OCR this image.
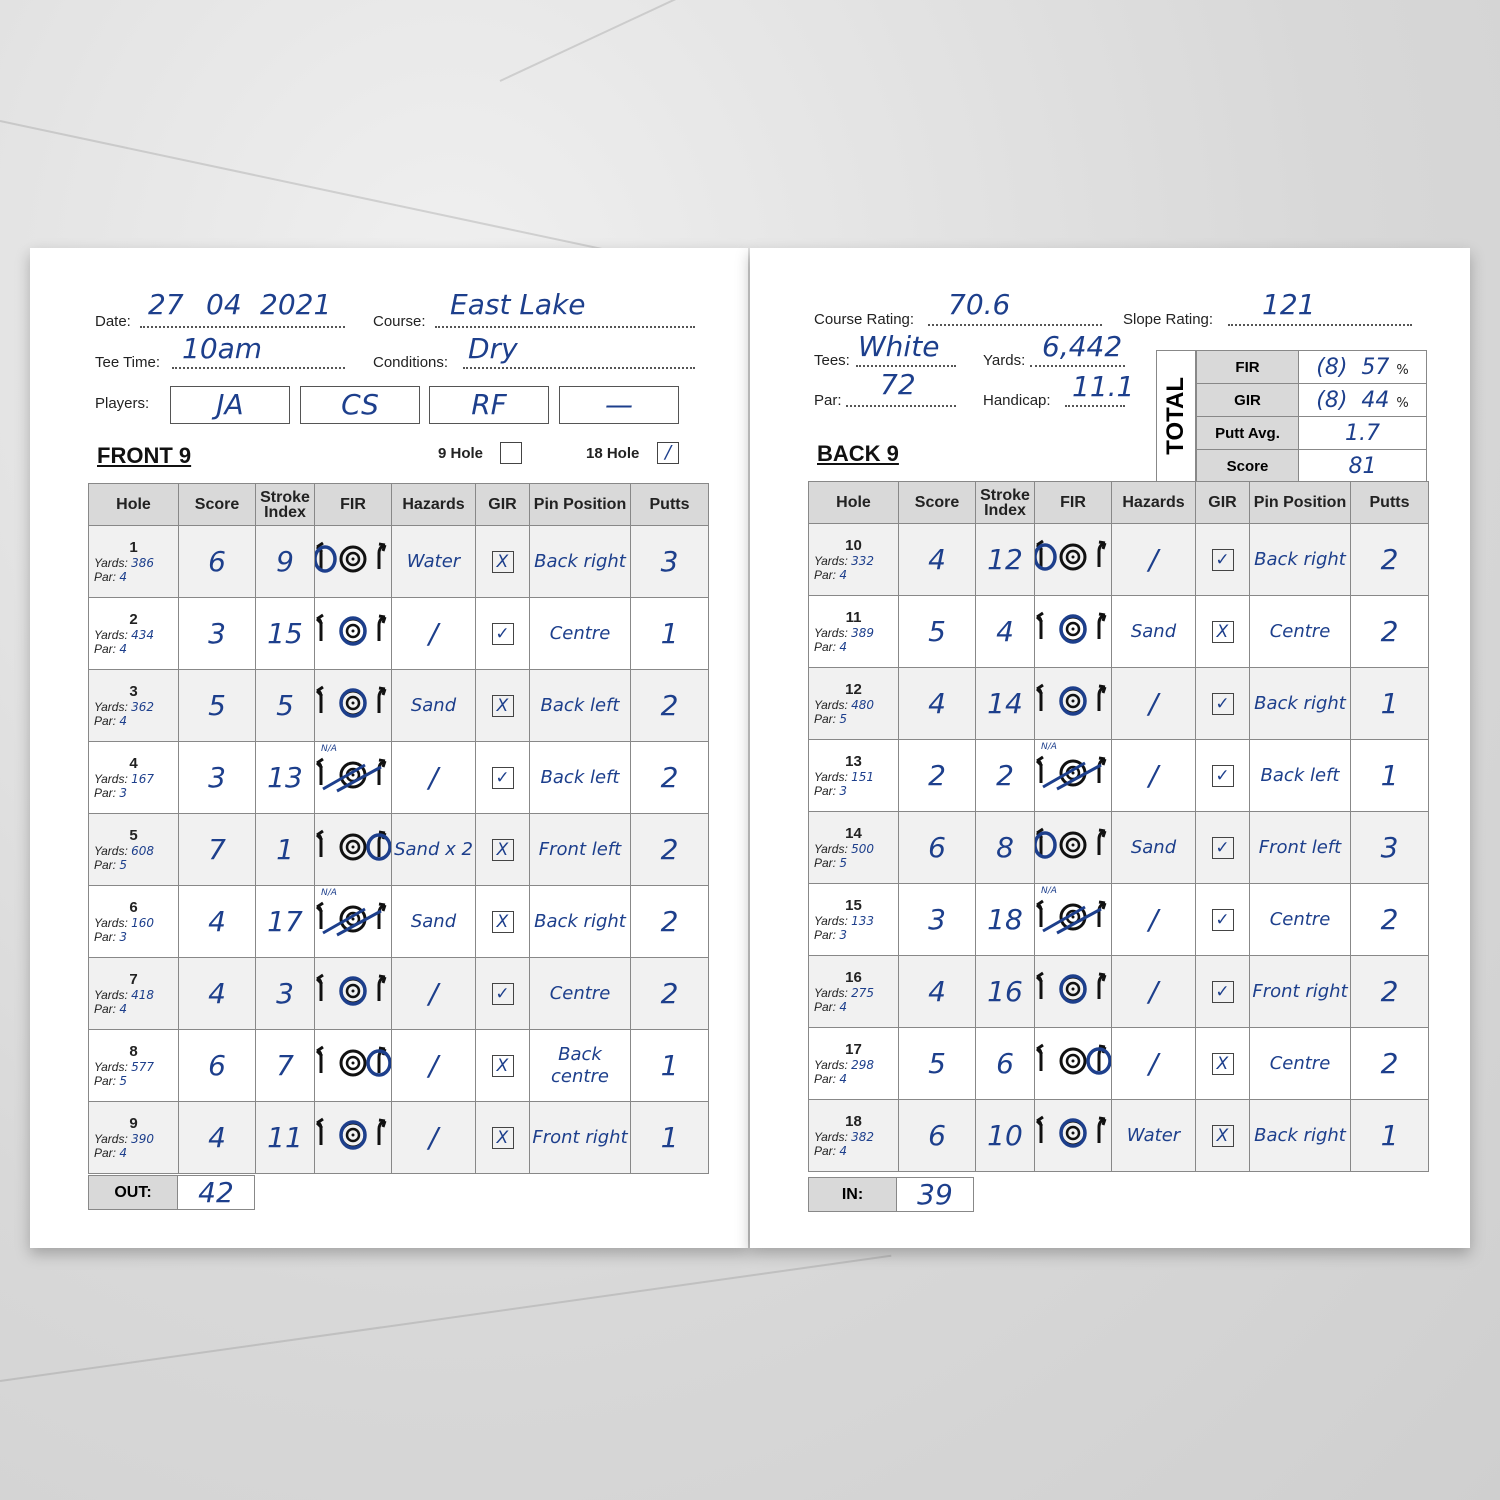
Date:
27 04 2021
Course:
East Lake
Tee Time: 10am	Conditions: Dry
Players:	JA	CS	RF	—
FRONT 9	9 Hole	18 Hole	/
Hole	Score	Stroke Index	FIR	Hazards	GIR	Pin Position	Putts

1
Yards: 386
Par: 4	6	9		Water	X	Back right	3

2
Yards: 434
Par: 4	3	15		/	✓	Centre	1

3
Yards: 362
Par: 4	5	5		Sand	X	Back left	2

4
Yards: 167
Par: 3	3	13	N/A	/	✓	Back left	2

5
Yards: 608
Par: 5	7	1		Sand x 2	X	Front left	2

6
Yards: 160
Par: 3	4	17	N/A	Sand	X	Back right	2

7
Yards: 418
Par: 4	4	3		/	✓	Centre	2

8
Yards: 577
Par: 5	6	7		/	X	Back centre	1

9
Yards: 390
Par: 4	4	11		/	X	Front right	1
OUT:	42
Course Rating: 70.6	Slope Rating: 121
Tees: White	Yards: 6,442
Par: 72	Handicap: 11.1 TOTAL
FIR	(8) 57 %
GIR	(8) 44 %
Putt Avg.	1.7
Score	81
BACK 9
Hole	Score	Stroke Index	FIR	Hazards	GIR	Pin Position	Putts

10
Yards: 332
Par: 4	4	12		/	✓	Back right	2

11
Yards: 389
Par: 4	5	4		Sand	X	Centre	2

12
Yards: 480
Par: 5	4	14		/	✓	Back right	1

13
Yards: 151
Par: 3	2	2	N/A	/	✓	Back left	1

14
Yards: 500
Par: 5	6	8		Sand	✓	Front left	3

15
Yards: 133
Par: 3	3	18	N/A	/	✓	Centre	2

16
Yards: 275
Par: 4	4	16		/	✓	Front right	2

17
Yards: 298
Par: 4	5	6		/	X	Centre	2

18
Yards: 382
Par: 4	6	10		Water	X	Back right	1
IN:	39
